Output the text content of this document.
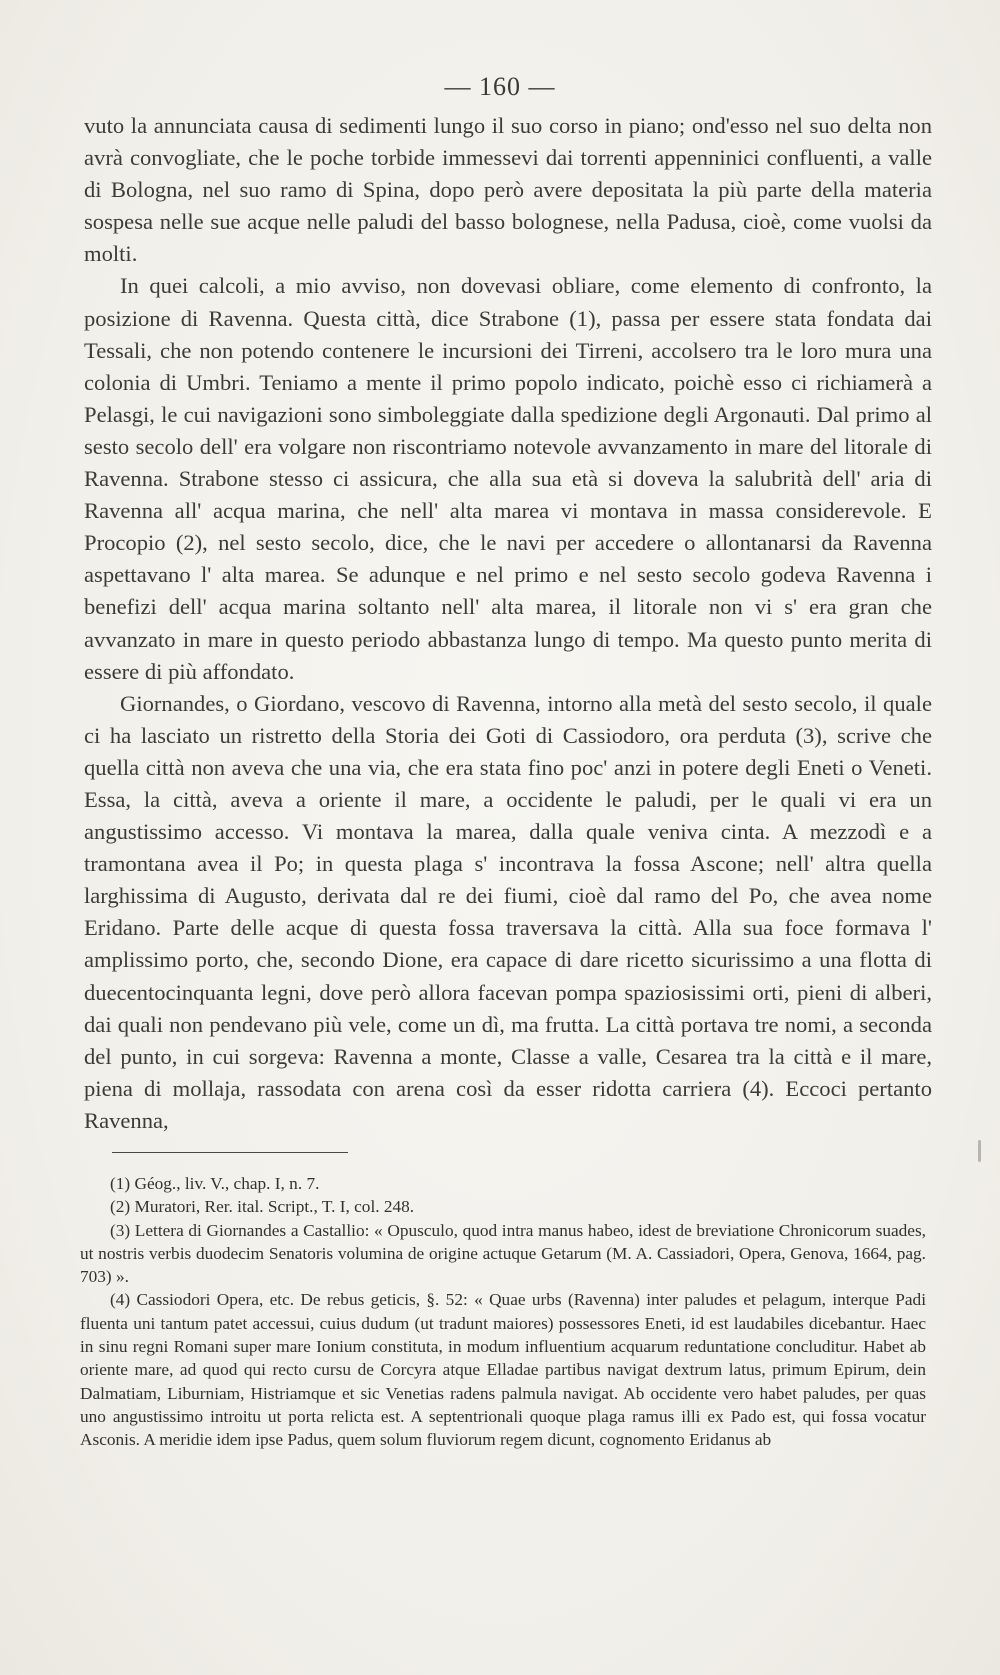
— 160 —

vuto la annunciata causa di sedimenti lungo il suo corso in piano; ond'esso nel suo delta non avrà convogliate, che le poche torbide immessevi dai torrenti appenninici confluenti, a valle di Bologna, nel suo ramo di Spina, dopo però avere depositata la più parte della materia sospesa nelle sue acque nelle paludi del basso bolognese, nella Padusa, cioè, come vuolsi da molti.

In quei calcoli, a mio avviso, non dovevasi obliare, come elemento di confronto, la posizione di Ravenna. Questa città, dice Strabone (1), passa per essere stata fondata dai Tessali, che non potendo contenere le incursioni dei Tirreni, accolsero tra le loro mura una colonia di Umbri. Teniamo a mente il primo popolo indicato, poichè esso ci richiamerà a Pelasgi, le cui navigazioni sono simboleggiate dalla spedizione degli Argonauti. Dal primo al sesto secolo dell' era volgare non riscontriamo notevole avvanzamento in mare del litorale di Ravenna. Strabone stesso ci assicura, che alla sua età si doveva la salubrità dell' aria di Ravenna all' acqua marina, che nell' alta marea vi montava in massa considerevole. E Procopio (2), nel sesto secolo, dice, che le navi per accedere o allontanarsi da Ravenna aspettavano l' alta marea. Se adunque e nel primo e nel sesto secolo godeva Ravenna i benefizi dell' acqua marina soltanto nell' alta marea, il litorale non vi s' era gran che avvanzato in mare in questo periodo abbastanza lungo di tempo. Ma questo punto merita di essere di più affondato.

Giornandes, o Giordano, vescovo di Ravenna, intorno alla metà del sesto secolo, il quale ci ha lasciato un ristretto della Storia dei Goti di Cassiodoro, ora perduta (3), scrive che quella città non aveva che una via, che era stata fino poc' anzi in potere degli Eneti o Veneti. Essa, la città, aveva a oriente il mare, a occidente le paludi, per le quali vi era un angustissimo accesso. Vi montava la marea, dalla quale veniva cinta. A mezzodì e a tramontana avea il Po; in questa plaga s' incontrava la fossa Ascone; nell' altra quella larghissima di Augusto, derivata dal re dei fiumi, cioè dal ramo del Po, che avea nome Eridano. Parte delle acque di questa fossa traversava la città. Alla sua foce formava l' amplissimo porto, che, secondo Dione, era capace di dare ricetto sicurissimo a una flotta di duecentocinquanta legni, dove però allora facevan pompa spaziosissimi orti, pieni di alberi, dai quali non pendevano più vele, come un dì, ma frutta. La città portava tre nomi, a seconda del punto, in cui sorgeva: Ravenna a monte, Classe a valle, Cesarea tra la città e il mare, piena di mollaja, rassodata con arena così da esser ridotta carriera (4). Eccoci pertanto Ravenna,

(1) Géog., liv. V., chap. I, n. 7.

(2) Muratori, Rer. ital. Script., T. I, col. 248.

(3) Lettera di Giornandes a Castallio: « Opusculo, quod intra manus habeo, idest de breviatione Chronicorum suades, ut nostris verbis duodecim Senatoris volumina de origine actuque Getarum (M. A. Cassiadori, Opera, Genova, 1664, pag. 703) ».

(4) Cassiodori Opera, etc. De rebus geticis, §. 52: « Quae urbs (Ravenna) inter paludes et pelagum, interque Padi fluenta uni tantum patet accessui, cuius dudum (ut tradunt maiores) possessores Eneti, id est laudabiles dicebantur. Haec in sinu regni Romani super mare Ionium constituta, in modum influentium acquarum reduntatione concluditur. Habet ab oriente mare, ad quod qui recto cursu de Corcyra atque Elladae partibus navigat dextrum latus, primum Epirum, dein Dalmatiam, Liburniam, Histriamque et sic Venetias radens palmula navigat. Ab occidente vero habet paludes, per quas uno angustissimo introitu ut porta relicta est. A septentrionali quoque plaga ramus illi ex Pado est, qui fossa vocatur Asconis. A meridie idem ipse Padus, quem solum fluviorum regem dicunt, cognomento Eridanus ab
